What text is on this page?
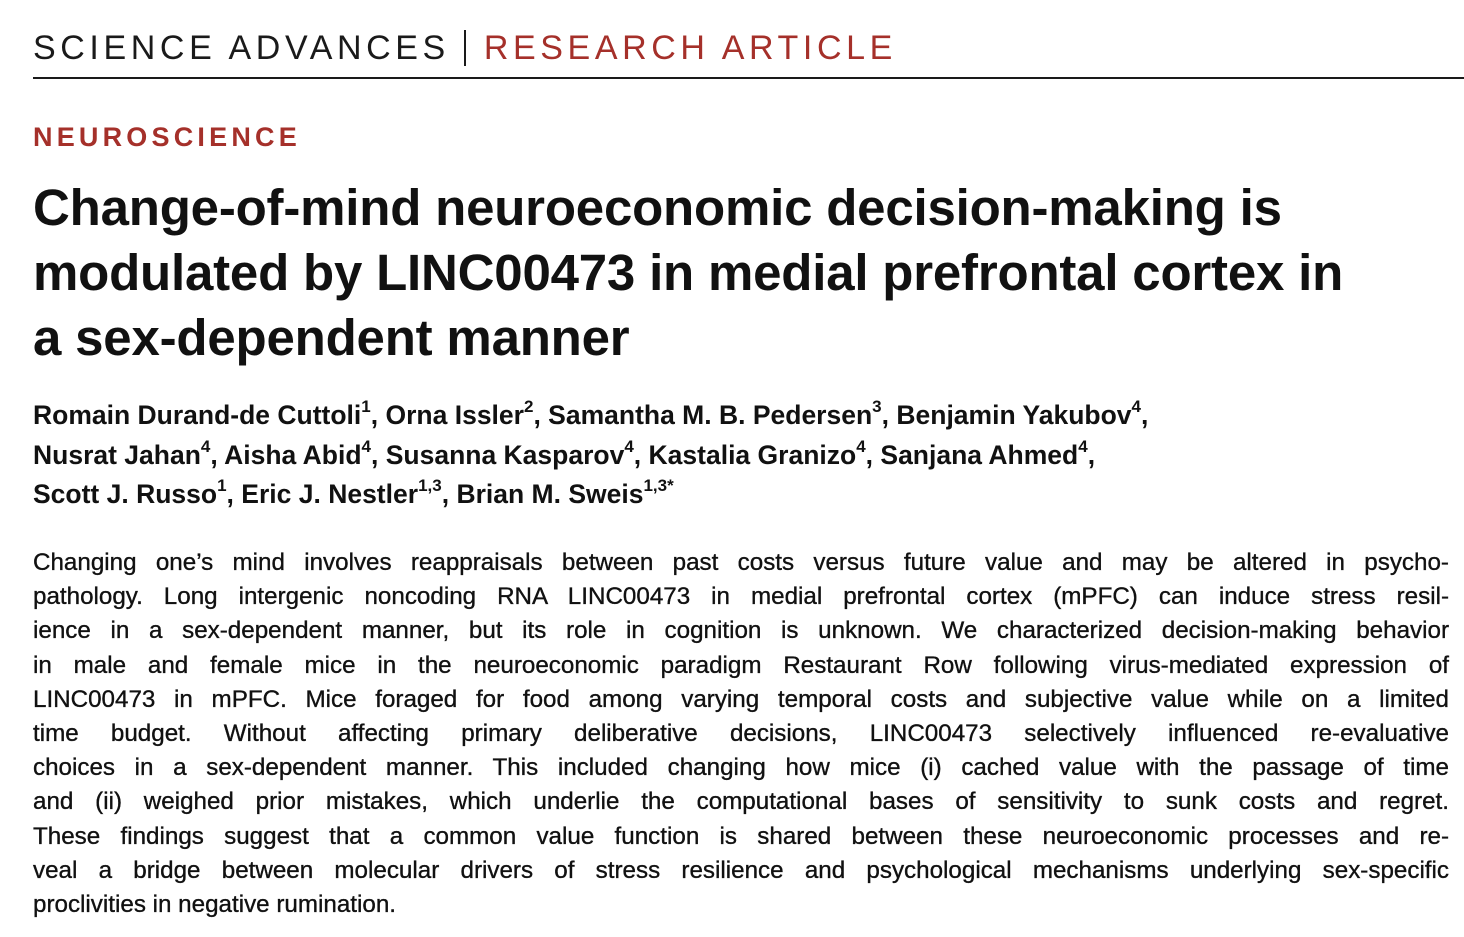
SCIENCE ADVANCES RESEARCH ARTICLE
NEUROSCIENCE
Change-of-mind neuroeconomic decision-making is
modulated by LINC00473 in medial prefrontal cortex in
a sex-dependent manner
Romain Durand-de Cuttoli$^1$, Orna Issler$^2$, Samantha M. B. Pedersen$^3$, Benjamin Yakubov$^4$,
Nusrat Jahan$^4$, Aisha Abid$^4$, Susanna Kasparov$^4$, Kastalia Granizo$^4$, Sanjana Ahmed$^4$,
Scott J. Russo$^1$, Eric J. Nestler$^{1,3}$, Brian M. Sweis$^{1,3*}$

Changing one’s mind involves reappraisals between past costs versus future value and may be altered in psycho-
pathology. Long intergenic noncoding RNA LINC00473 in medial prefrontal cortex (mPFC) can induce stress resil-
ience in a sex-dependent manner, but its role in cognition is unknown. We characterized decision-making behavior
in male and female mice in the neuroeconomic paradigm Restaurant Row following virus-mediated expression of
LINC00473 in mPFC. Mice foraged for food among varying temporal costs and subjective value while on a limited
time budget. Without affecting primary deliberative decisions, LINC00473 selectively influenced re-evaluative
choices in a sex-dependent manner. This included changing how mice (i) cached value with the passage of time
and (ii) weighed prior mistakes, which underlie the computational bases of sensitivity to sunk costs and regret.
These findings suggest that a common value function is shared between these neuroeconomic processes and re-
veal a bridge between molecular drivers of stress resilience and psychological mechanisms underlying sex-specific
proclivities in negative rumination.
